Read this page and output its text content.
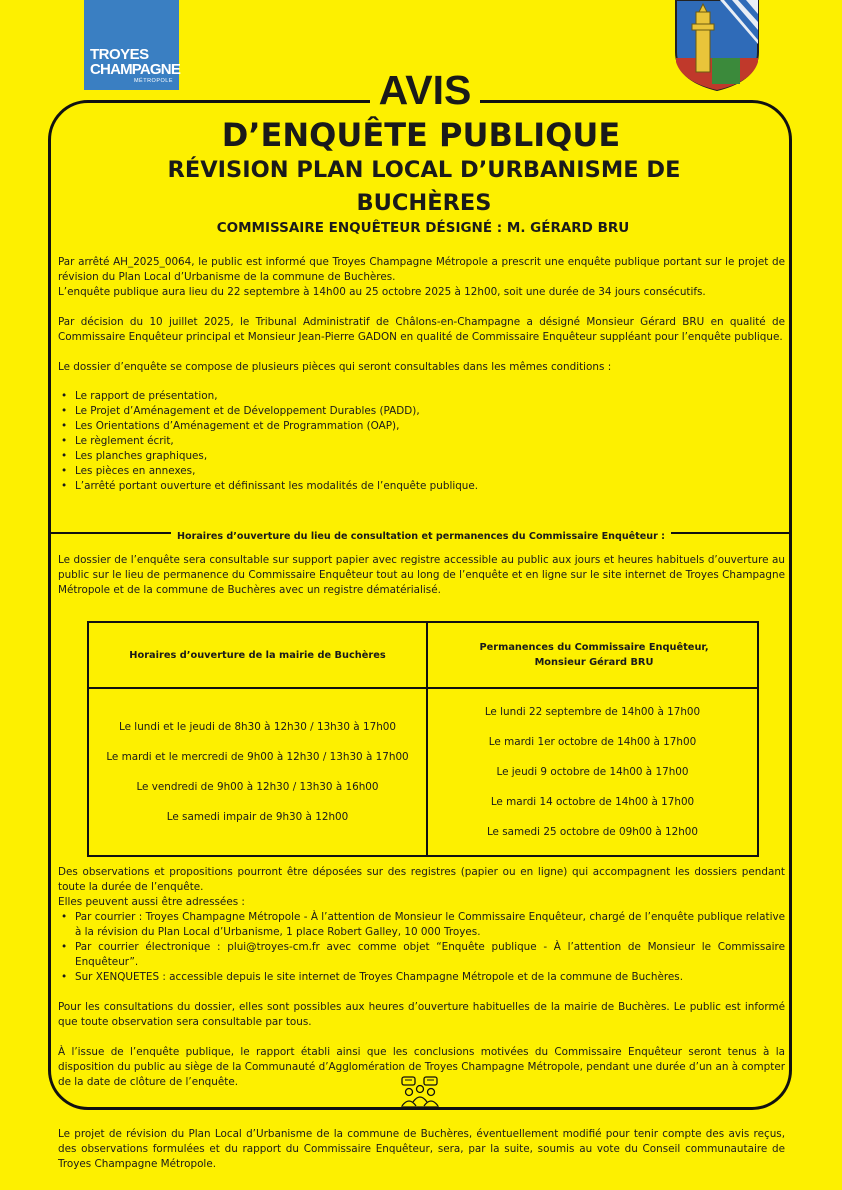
TROYES
CHAMPAGNE
MÉTROPOLE	AVIS
D’ENQUÊTE PUBLIQUE
RÉVISION PLAN LOCAL D’URBANISME DE BUCHÈRES
COMMISSAIRE ENQUÊTEUR DÉSIGNÉ : M. GÉRARD BRU

Par arrêté AH_2025_0064, le public est informé que Troyes Champagne Métropole a prescrit une enquête publique portant sur le projet de révision du Plan Local d’Urbanisme de la commune de Buchères.

L’enquête publique aura lieu du 22 septembre à 14h00 au 25 octobre 2025 à 12h00, soit une durée de 34 jours consécutifs.

Par décision du 10 juillet 2025, le Tribunal Administratif de Châlons-en-Champagne a désigné Monsieur Gérard BRU en qualité de Commissaire Enquêteur principal et Monsieur Jean-Pierre GADON en qualité de Commissaire Enquêteur suppléant pour l’enquête publique.

Le dossier d’enquête se compose de plusieurs pièces qui seront consultables dans les mêmes conditions :

• Le rapport de présentation,
• Le Projet d’Aménagement et de Développement Durables (PADD),
• Les Orientations d’Aménagement et de Programmation (OAP),
• Le règlement écrit,
• Les planches graphiques,
• Les pièces en annexes,
• L’arrêté portant ouverture et définissant les modalités de l’enquête publique.
Horaires d’ouverture du lieu de consultation et permanences du Commissaire Enquêteur :
Le dossier de l’enquête sera consultable sur support papier avec registre accessible au public aux jours et heures habituels d’ouverture au public sur le lieu de permanence du Commissaire Enquêteur tout au long de l’enquête et en ligne sur le site internet de Troyes Champagne Métropole et de la commune de Buchères avec un registre dématérialisé.
Horaires d’ouverture de la mairie de Buchères
Permanences du Commissaire Enquêteur, Monsieur Gérard BRU
Le lundi et le jeudi de 8h30 à 12h30 / 13h30 à 17h00
Le mardi et le mercredi de 9h00 à 12h30 / 13h30 à 17h00
Le vendredi de 9h00 à 12h30 / 13h30 à 16h00
Le samedi impair de 9h30 à 12h00
Le lundi 22 septembre de 14h00 à 17h00
Le mardi 1er octobre de 14h00 à 17h00
Le jeudi 9 octobre de 14h00 à 17h00
Le mardi 14 octobre de 14h00 à 17h00
Le samedi 25 octobre de 09h00 à 12h00

Des observations et propositions pourront être déposées sur des registres (papier ou en ligne) qui accompagnent les dossiers pendant toute la durée de l’enquête.

Elles peuvent aussi être adressées :

• Par courrier : Troyes Champagne Métropole - À l’attention de Monsieur le Commissaire Enquêteur, chargé de l’enquête publique relative à la révision du Plan Local d’Urbanisme, 1 place Robert Galley, 10 000 Troyes.
• Par courrier électronique : plui@troyes-cm.fr avec comme objet “Enquête publique - À l’attention de Monsieur le Commissaire Enquêteur”.
• Sur XENQUETES : accessible depuis le site internet de Troyes Champagne Métropole et de la commune de Buchères.

Pour les consultations du dossier, elles sont possibles aux heures d’ouverture habituelles de la mairie de Buchères. Le public est informé que toute observation sera consultable par tous.

À l’issue de l’enquête publique, le rapport établi ainsi que les conclusions motivées du Commissaire Enquêteur seront tenus à la disposition du public au siège de la Communauté d’Agglomération de Troyes Champagne Métropole, pendant une durée d’un an à compter de la date de clôture de l’enquête.

Le projet de révision du Plan Local d’Urbanisme de la commune de Buchères, éventuellement modifié pour tenir compte des avis reçus, des observations formulées et du rapport du Commissaire Enquêteur, sera, par la suite, soumis au vote du Conseil communautaire de Troyes Champagne Métropole.
